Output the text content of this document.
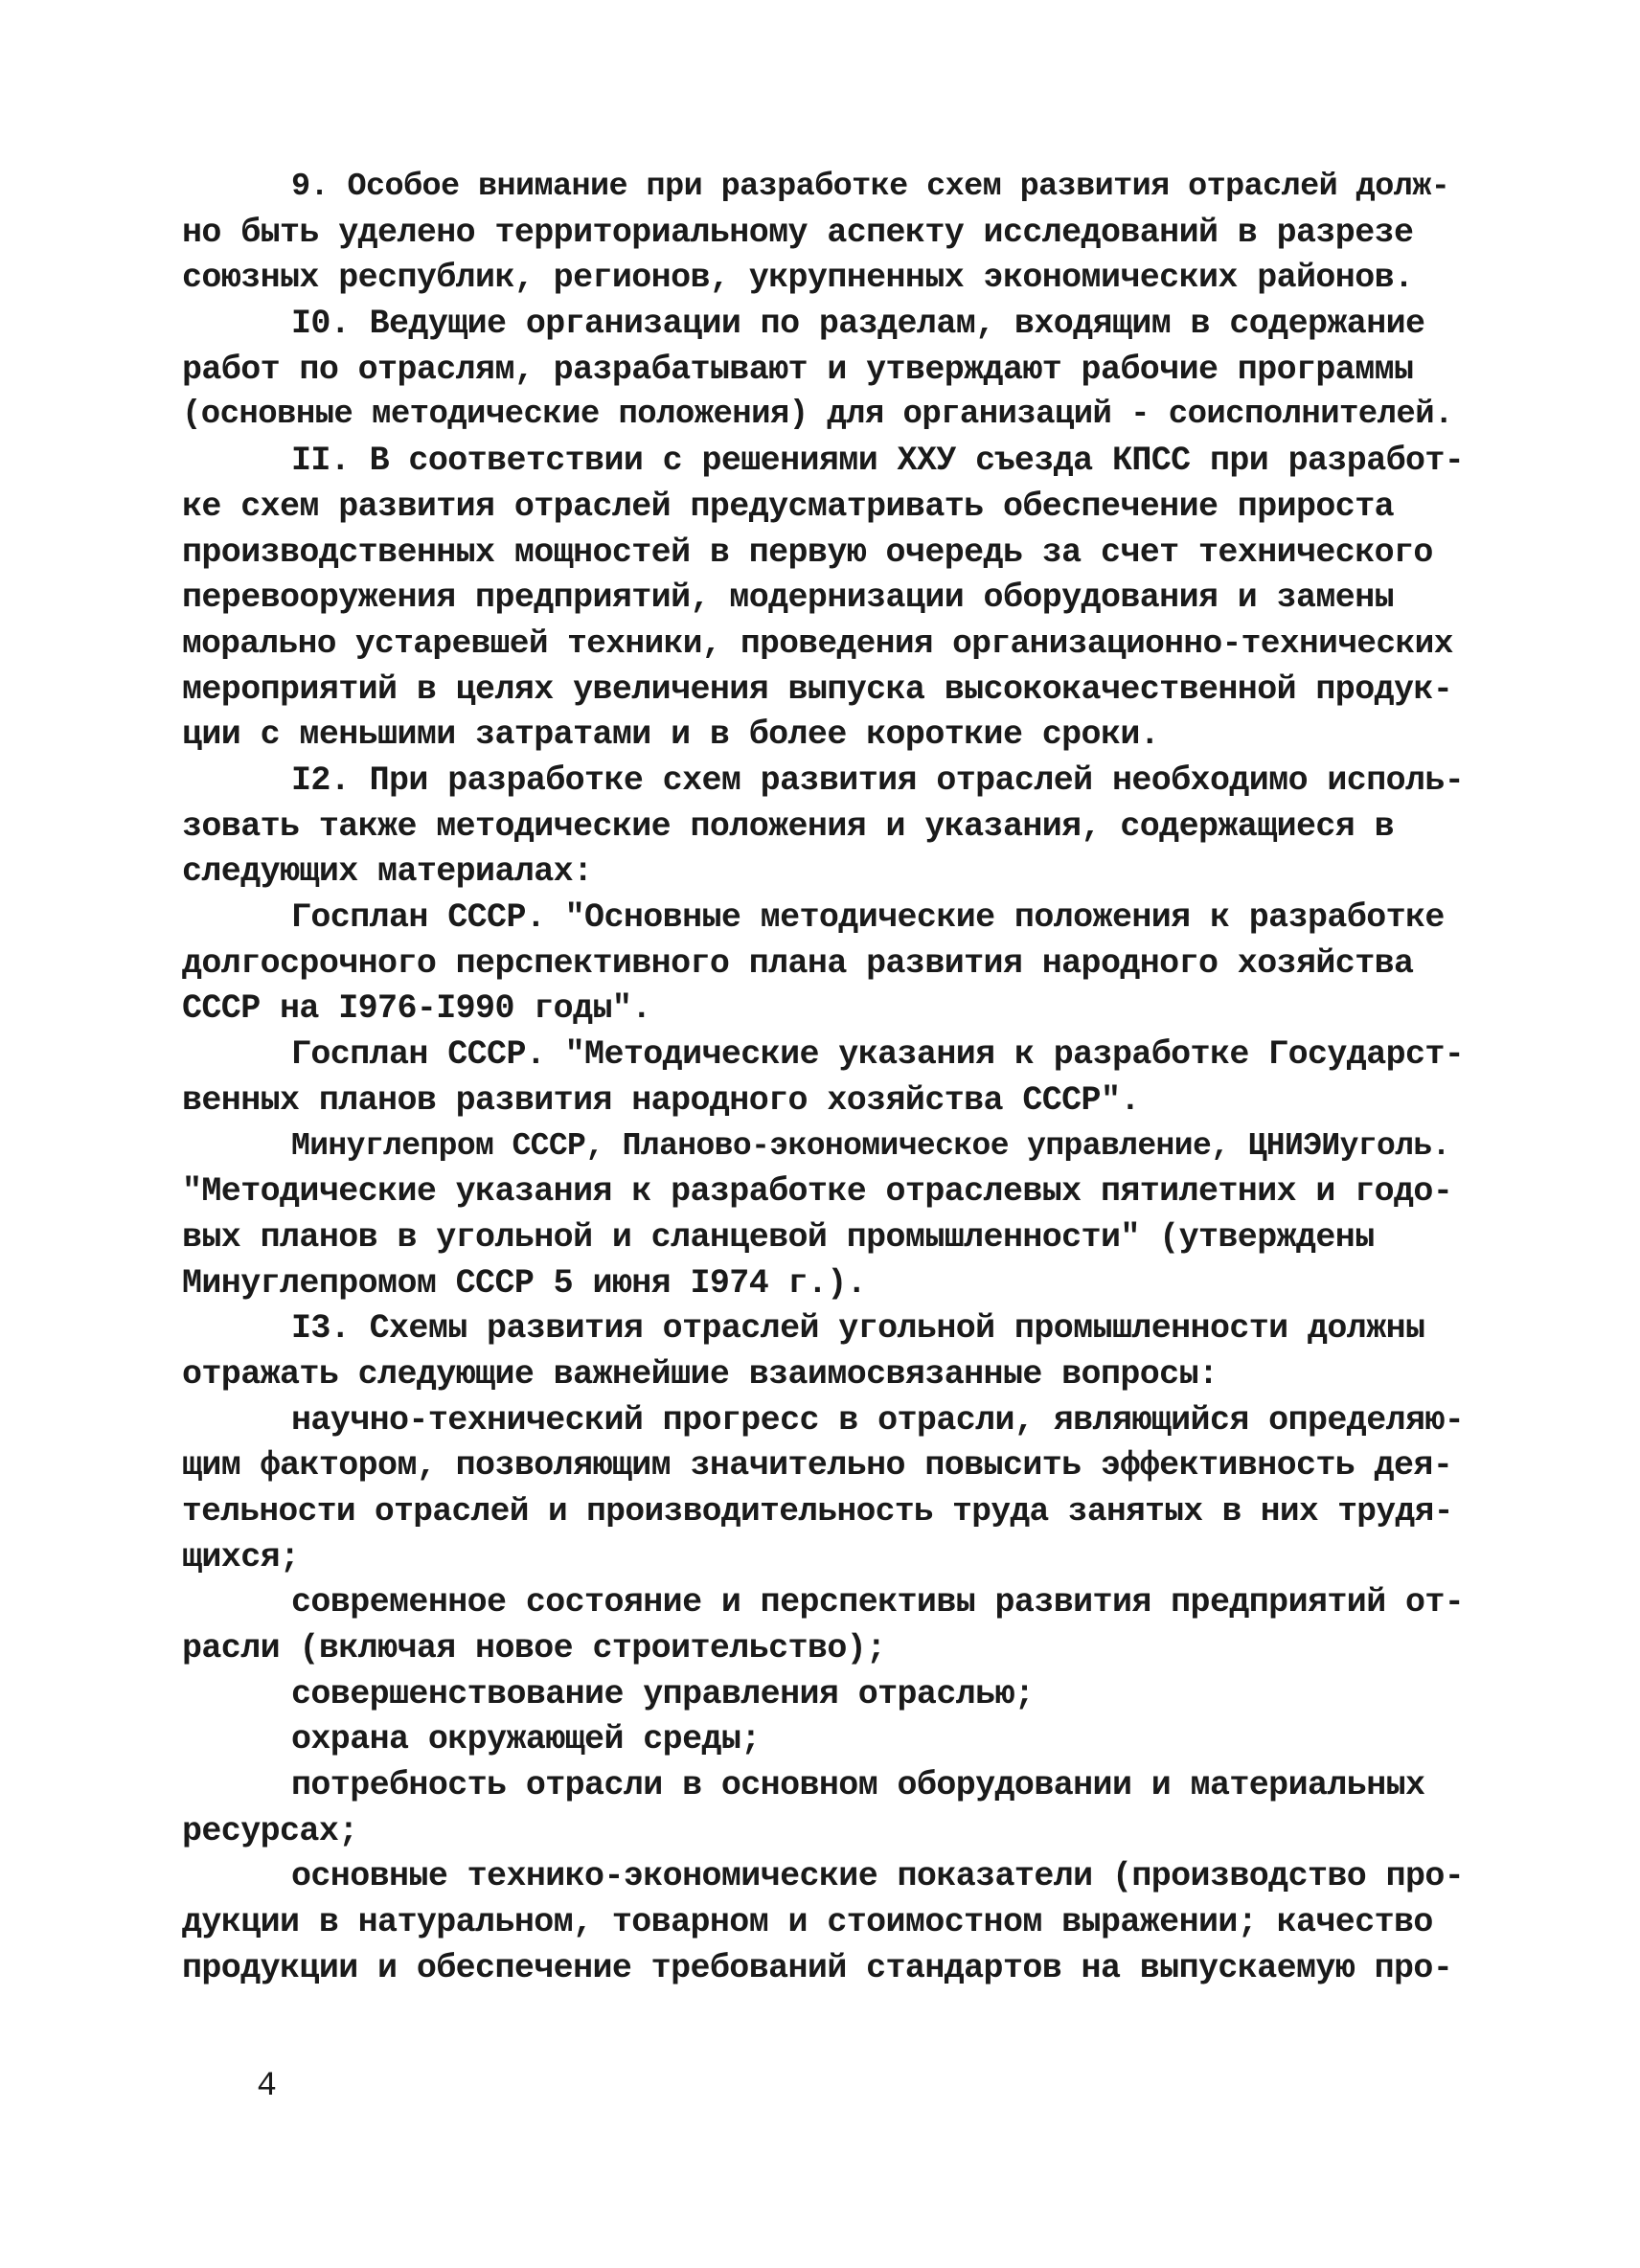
9. Особое внимание при разработке схем развития отраслей долж-
но быть уделено территориальному аспекту исследований в разрезе
союзных республик, регионов, укрупненных экономических районов.
I0. Ведущие организации по разделам, входящим в содержание
работ по отраслям, разрабатывают и утверждают рабочие программы
(основные методические положения) для организаций - соисполнителей.
II. В соответствии с решениями XXУ съезда КПСС при разработ-
ке схем развития отраслей предусматривать обеспечение прироста
производственных мощностей в первую очередь за счет технического
перевооружения предприятий, модернизации оборудования и замены
морально устаревшей техники, проведения организационно-технических
мероприятий в целях увеличения выпуска высококачественной продук-
ции с меньшими затратами и в более короткие сроки.
I2. При разработке схем развития отраслей необходимо исполь-
зовать также методические положения и указания, содержащиеся в
следующих материалах:
Госплан СССР. "Основные методические положения к разработке
долгосрочного перспективного плана развития народного хозяйства
СССР на I976-I990 годы".
Госплан СССР. "Методические указания к разработке Государст-
венных планов развития народного хозяйства СССР".
Минуглепром СССР, Планово-экономическое управление, ЦНИЭИуголь.
"Методические указания к разработке отраслевых пятилетних и годо-
вых планов в угольной и сланцевой промышленности" (утверждены
Минуглепромом СССР 5 июня I974 г.).
I3. Схемы развития отраслей угольной промышленности должны
отражать следующие важнейшие взаимосвязанные вопросы:
научно-технический прогресс в отрасли, являющийся определяю-
щим фактором, позволяющим значительно повысить эффективность дея-
тельности отраслей и производительность труда занятых в них трудя-
щихся;
современное состояние и перспективы развития предприятий от-
расли (включая новое строительство);
совершенствование управления отраслью;
охрана окружающей среды;
потребность отрасли в основном оборудовании и материальных
ресурсах;
основные технико-экономические показатели (производство про-
дукции в натуральном, товарном и стоимостном выражении; качество
продукции и обеспечение требований стандартов на выпускаемую про-
4
